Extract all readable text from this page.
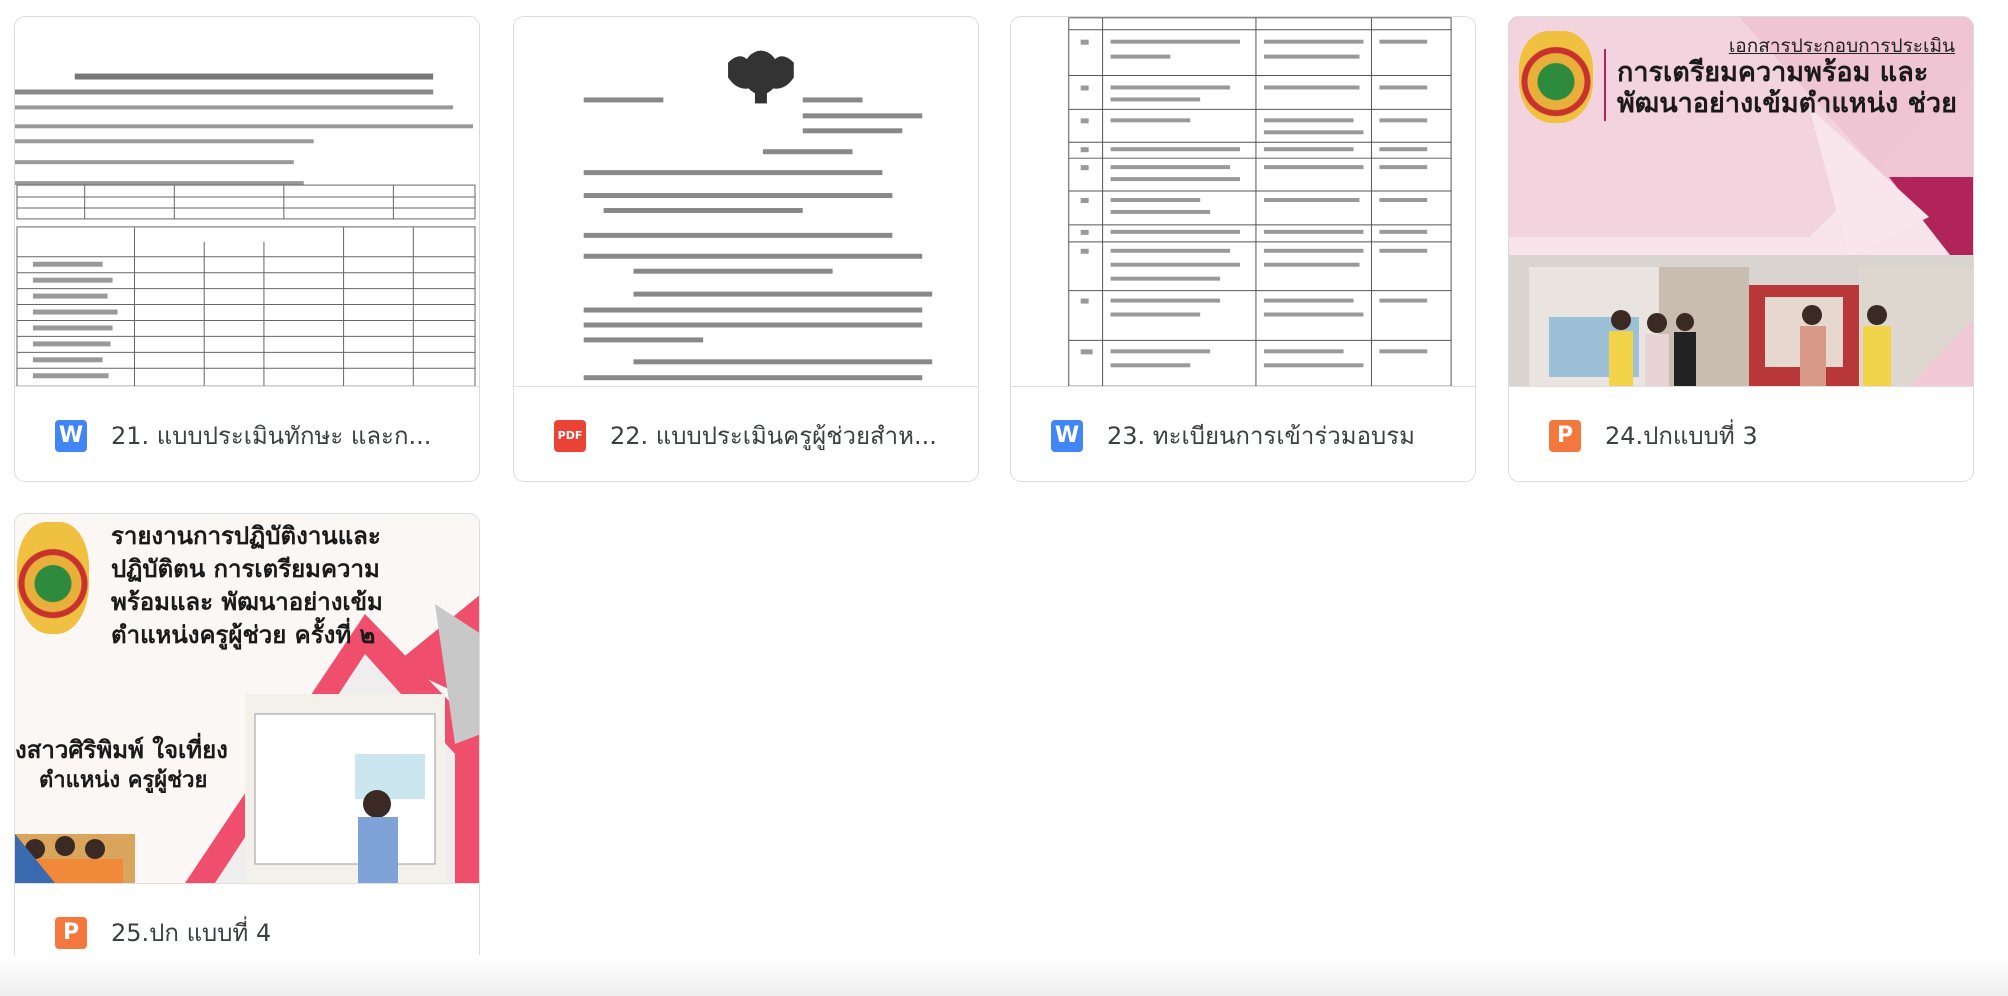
W 21. แบบประเมินทักษะ และก...	PDF 22. แบบประเมินครูผู้ช่วยสำห...	W 23. ทะเบียนการเข้าร่วมอบรม
เอกสารประกอบการประเมิน
การเตรียมความพร้อม และพัฒนาอย่างเข้มตำแหน่ง ช่วย
P	24.ปกแบบที่ 3
รายงานการปฏิบัติงานและ ปฏิบัติตน การเตรียมความพร้อมและ พัฒนาอย่างเข้ม ตำแหน่งครูผู้ช่วย ครั้งที่ ๒
งสาวศิริพิมพ์ ใจเที่ยง
ตำแหน่ง ครูผู้ช่วย
P	25.ปก แบบที่ 4
